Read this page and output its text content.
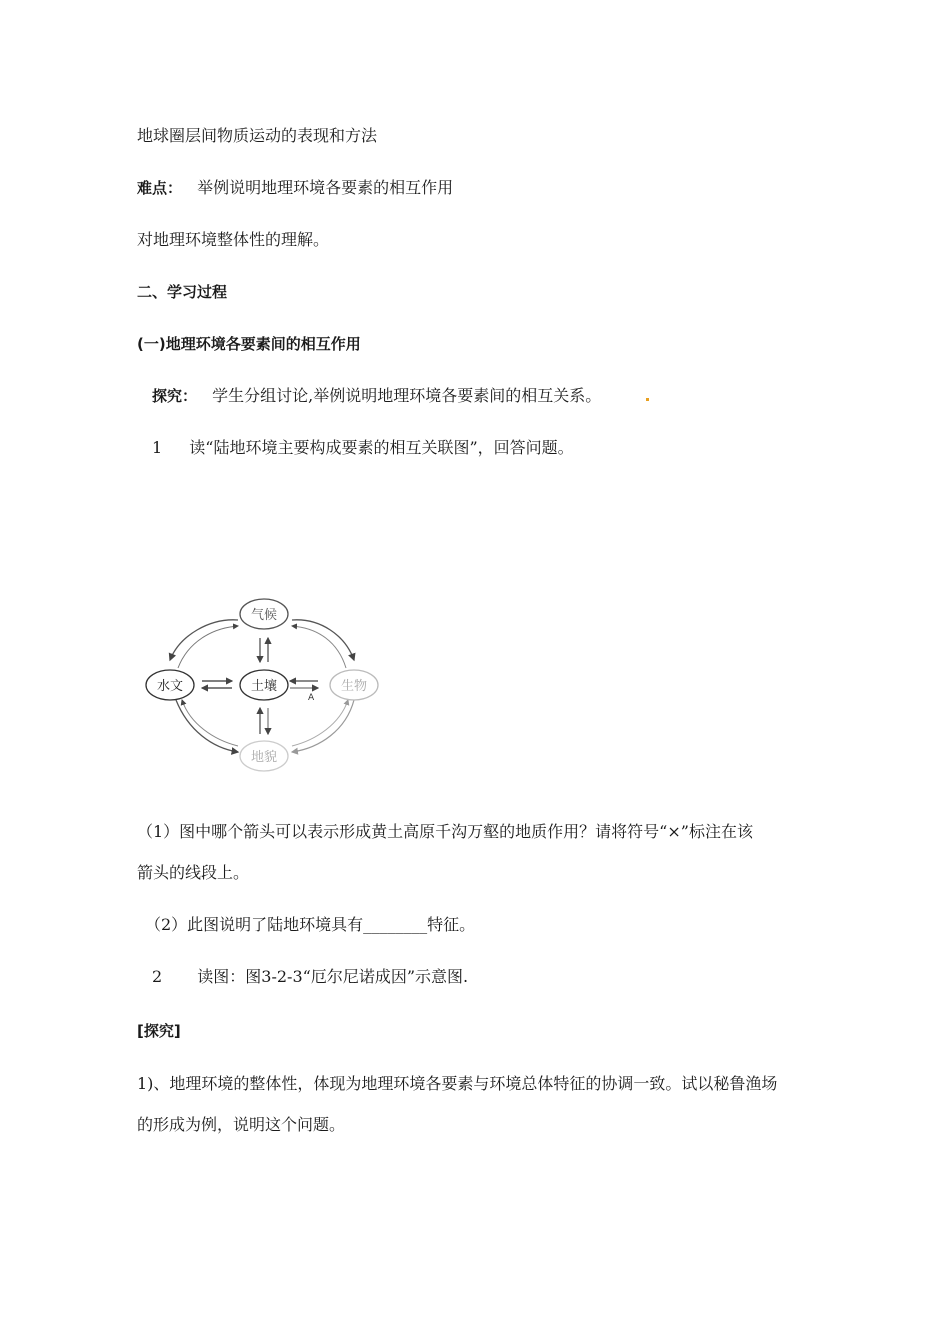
地球圈层间物质运动的表现和方法
难点： 举例说明地理环境各要素的相互作用
对地理环境整体性的理解。
二、学习过程
(一)地理环境各要素间的相互作用
探究： 学生分组讨论,举例说明地理环境各要素间的相互关系。
1 读“陆地环境主要构成要素的相互关联图”，回答问题。
A
气候
水文	土壤	生物
地貌
（1）图中哪个箭头可以表示形成黄土高原千沟万壑的地质作用？请将符号“×”标注在该
箭头的线段上。
（2）此图说明了陆地环境具有________特征。
2 读图：图3-2-3“厄尔尼诺成因”示意图.
[探究]
1)、地理环境的整体性，体现为地理环境各要素与环境总体特征的协调一致。试以秘鲁渔场
的形成为例，说明这个问题。
